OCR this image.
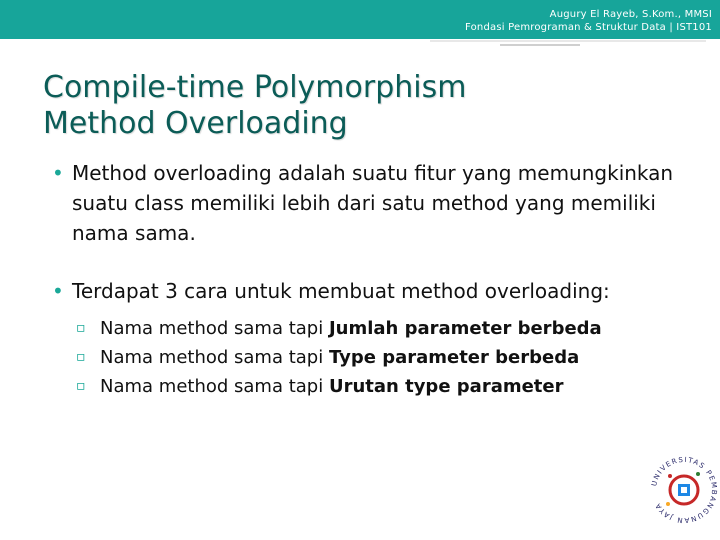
Augury El Rayeb, S.Kom., MMSI
Fondasi Pemrograman & Struktur Data | IST101
Compile-time Polymorphism
Method Overloading
• Method overloading adalah suatu fitur yang memungkinkan suatu class memiliki lebih dari satu method yang memiliki nama sama.
• Terdapat 3 cara untuk membuat method overloading:
▫ Nama method sama tapi Jumlah parameter berbeda
▫ Nama method sama tapi Type parameter berbeda
▫ Nama method sama tapi Urutan type parameter
UNIVERSITAS PEMBANGUNAN JAYA
